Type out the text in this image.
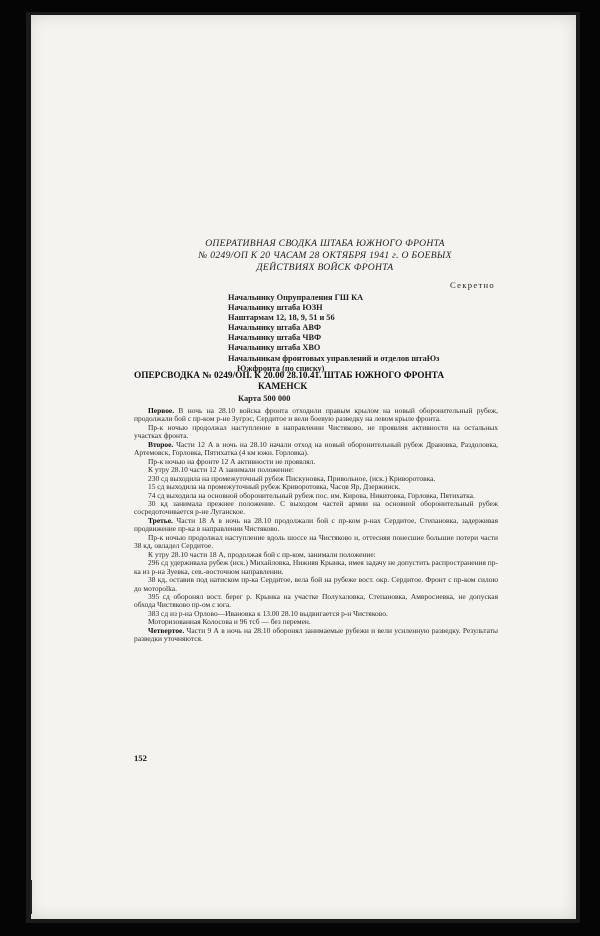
ОПЕРАТИВНАЯ СВОДКА ШТАБА ЮЖНОГО ФРОНТА
№ 0249/ОП К 20 ЧАСАМ 28 ОКТЯБРЯ 1941 г. О БОЕВЫХ
ДЕЙСТВИЯХ ВОЙСК ФРОНТА
Секретно
Начальнику Опрупраления ГШ КА
Начальнику штаба ЮЗН
Наштармам 12, 18, 9, 51 и 56
Начальнику штаба АВФ
Начальнику штаба ЧВФ
Начальнику штаба ХВО
Начальникам фронтовых управлений и отделов штаЮз
Южфронта (по списку)
ОПЕРСВОДКА № 0249/ОП. К 20.00 28.10.41. ШТАБ ЮЖНОГО ФРОНТА
КАМЕНСК
Карта 500 000

Первое. В ночь на 28.10 войска фронта отходили правым крылом на новый оборонительный рубеж, продолжали бой с пр-ком р-не Зугрэс, Сердитое и вели боевую разведку на левом крыле фронта.

Пр-к ночью продолжал наступление в направлении Чистяково, не проявляя активности на остальных участках фронта.

Второе. Части 12 А в ночь на 28.10 начали отход на новый оборонительный рубеж Драновка, Раздоловка, Артемовск, Горловка, Пятихатка (4 км южн. Горловка).

Пр-к ночью на фронте 12 А активности не проявлял.

К утру 28.10 части 12 А занимали положение:

230 сд выходила на промежуточный рубеж Пискуновка, Привольное, (иск.) Криворотовка.

15 сд выходила на промежуточный рубеж Криворотовка, Часов Яр, Дзержинск.

74 сд выходила на основной оборонительный рубеж пос. им. Кирова, Никитовка, Горловка, Пятихатка.

30 кд занимала прежнее положение. С выходом частей армии на основной оборонительный рубеж сосредоточивается р-не Луганское.

Третье. Части 18 А в ночь на 28.10 продолжали бой с пр-ком р-нах Сердитое, Степановка, задерживая продвижение пр-ка в направлении Чистяково.

Пр-к ночью продолжал наступление вдоль шоссе на Чистяково и, оттесняя понесшие большие потери части 38 кд, овладел Сердитое.

К утру 28.10 части 18 А, продолжая бой с пр-ком, занимали положение:

296 сд удерживала рубеж (иск.) Михайловка, Нижняя Крынка, имея задачу не допустить распространения пр-ка из р-на Зуевка, сев.-восточном направлении.

38 кд, оставив под натиском пр-ка Сердитое, вела бой на рубеже вост. окр. Сердитое. Фронт с пр-ком силою до мотоpolka.

395 сд оборонял вост. берег р. Крынка на участке Полухаловка, Степановка, Амвросиевка, не допуская обхода Чистяково пр-ом с юга.

383 сд из р-на Орлово—Ивановка к 13.00 28.10 выдвигается р-н Чистяково.

Моторизованная Колосова и 96 тсб — без перемен.

Четвертое. Части 9 А в ночь на 28.10 оборонял занимаемые рубежи и вели усиленную разведку. Результаты разведки уточняются.

152
